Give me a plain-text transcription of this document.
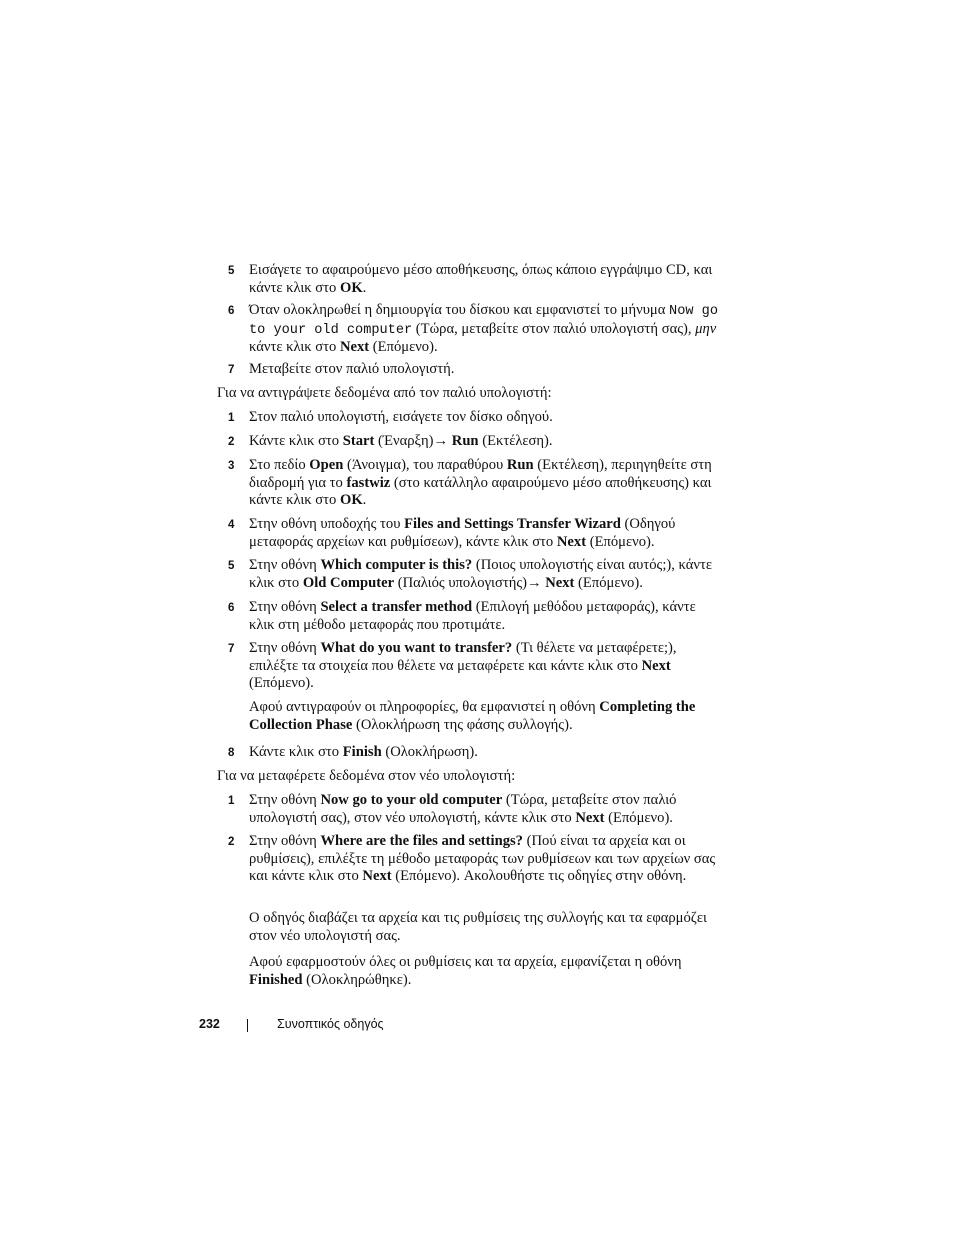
5 Εισάγετε το αφαιρούμενο μέσο αποθήκευσης, όπως κάποιο εγγράψιμο CD, και κάντε κλικ στο OK.
6 Όταν ολοκληρωθεί η δημιουργία του δίσκου και εμφανιστεί το μήνυμα Now go to your old computer (Τώρα, μεταβείτε στον παλιό υπολογιστή σας), μην κάντε κλικ στο Next (Επόμενο).
7 Μεταβείτε στον παλιό υπολογιστή.
Για να αντιγράψετε δεδομένα από τον παλιό υπολογιστή:
1 Στον παλιό υπολογιστή, εισάγετε τον δίσκο οδηγού.
2 Κάντε κλικ στο Start (Έναρξη)→ Run (Εκτέλεση).
3 Στο πεδίο Open (Άνοιγμα), του παραθύρου Run (Εκτέλεση), περιηγηθείτε στη διαδρομή για το fastwiz (στο κατάλληλο αφαιρούμενο μέσο αποθήκευσης) και κάντε κλικ στο OK.
4 Στην οθόνη υποδοχής του Files and Settings Transfer Wizard (Οδηγού μεταφοράς αρχείων και ρυθμίσεων), κάντε κλικ στο Next (Επόμενο).
5 Στην οθόνη Which computer is this? (Ποιος υπολογιστής είναι αυτός;), κάντε κλικ στο Old Computer (Παλιός υπολογιστής)→ Next (Επόμενο).
6 Στην οθόνη Select a transfer method (Επιλογή μεθόδου μεταφοράς), κάντε κλικ στη μέθοδο μεταφοράς που προτιμάτε.
7 Στην οθόνη What do you want to transfer? (Τι θέλετε να μεταφέρετε;), επιλέξτε τα στοιχεία που θέλετε να μεταφέρετε και κάντε κλικ στο Next (Επόμενο).
Αφού αντιγραφούν οι πληροφορίες, θα εμφανιστεί η οθόνη Completing the Collection Phase (Ολοκλήρωση της φάσης συλλογής).
8 Κάντε κλικ στο Finish (Ολοκλήρωση).
Για να μεταφέρετε δεδομένα στον νέο υπολογιστή:
1 Στην οθόνη Now go to your old computer (Τώρα, μεταβείτε στον παλιό υπολογιστή σας), στον νέο υπολογιστή, κάντε κλικ στο Next (Επόμενο).
2 Στην οθόνη Where are the files and settings? (Πού είναι τα αρχεία και οι ρυθμίσεις), επιλέξτε τη μέθοδο μεταφοράς των ρυθμίσεων και των αρχείων σας και κάντε κλικ στο Next (Επόμενο). Ακολουθήστε τις οδηγίες στην οθόνη.
Ο οδηγός διαβάζει τα αρχεία και τις ρυθμίσεις της συλλογής και τα εφαρμόζει στον νέο υπολογιστή σας.
Αφού εφαρμοστούν όλες οι ρυθμίσεις και τα αρχεία, εμφανίζεται η οθόνη Finished (Ολοκληρώθηκε).
232	Συνοπτικός οδηγός
